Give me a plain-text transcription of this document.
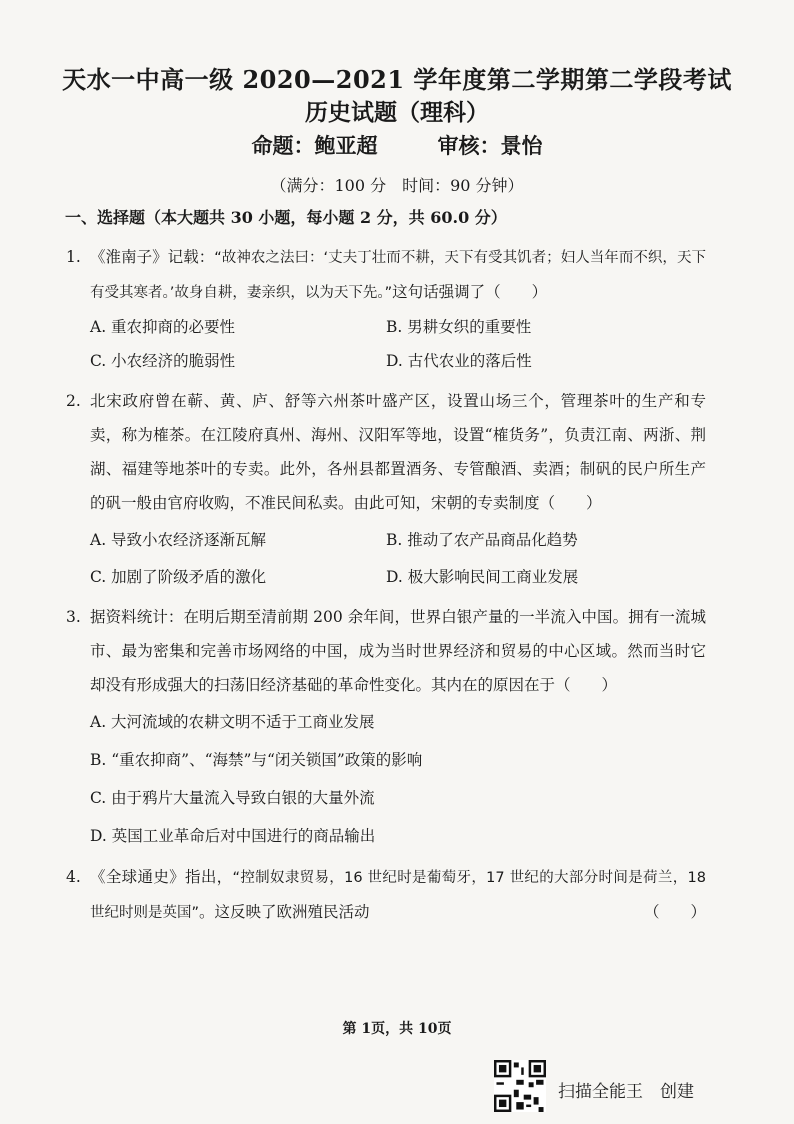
天水一中高一级 2020—2021 学年度第二学期第二学段考试
历史试题（理科）
命题：鲍亚超	审核：景怡
（满分：100 分　时间：90 分钟）
一、选择题（本大题共 30 小题，每小题 2 分，共 60.0 分）
1. 《淮南子》记载：“故神农之法曰：‘丈夫丁壮而不耕，天下有受其饥者；妇人当年而不织，天下有受其寒者。’故身自耕，妻亲织，以为天下先。”这句话强调了（　　）
A. 重农抑商的必要性	B. 男耕女织的重要性
C. 小农经济的脆弱性	D. 古代农业的落后性
2. 北宋政府曾在蕲、黄、庐、舒等六州茶叶盛产区，设置山场三个，管理茶叶的生产和专卖，称为榷茶。在江陵府真州、海州、汉阳军等地，设置“榷货务”，负责江南、两浙、荆湖、福建等地茶叶的专卖。此外，各州县都置酒务、专管酿酒、卖酒；制矾的民户所生产的矾一般由官府收购，不准民间私卖。由此可知，宋朝的专卖制度（　　）
A. 导致小农经济逐渐瓦解	B. 推动了农产品商品化趋势
C. 加剧了阶级矛盾的激化	D. 极大影响民间工商业发展
3. 据资料统计：在明后期至清前期 200 余年间，世界白银产量的一半流入中国。拥有一流城市、最为密集和完善市场网络的中国，成为当时世界经济和贸易的中心区域。然而当时它却没有形成强大的扫荡旧经济基础的革命性变化。其内在的原因在于（　　）
A. 大河流域的农耕文明不适于工商业发展
B. “重农抑商”、“海禁”与“闭关锁国”政策的影响
C. 由于鸦片大量流入导致白银的大量外流
D. 英国工业革命后对中国进行的商品输出
4. 《全球通史》指出，“控制奴隶贸易，16 世纪时是葡萄牙，17 世纪的大部分时间是荷兰，18 世纪时则是英国”。这反映了欧洲殖民活动	（　　）
第 1页，共 10页
扫描全能王　创建
